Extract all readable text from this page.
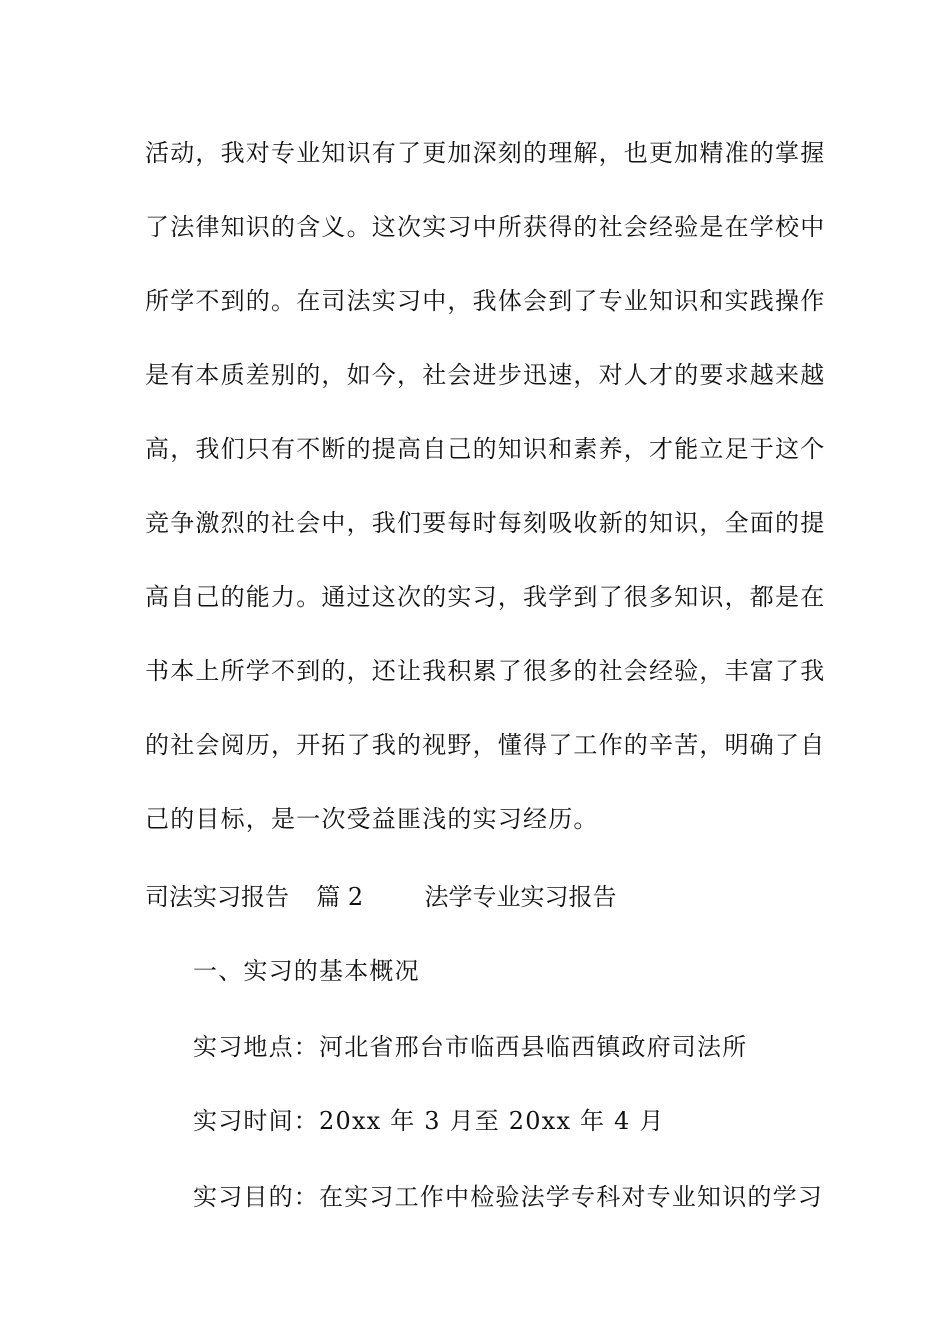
活动，我对专业知识有了更加深刻的理解，也更加精准的掌握
了法律知识的含义。这次实习中所获得的社会经验是在学校中
所学不到的。在司法实习中，我体会到了专业知识和实践操作
是有本质差别的，如今，社会进步迅速，对人才的要求越来越
高，我们只有不断的提高自己的知识和素养，才能立足于这个
竞争激烈的社会中，我们要每时每刻吸收新的知识，全面的提
高自己的能力。通过这次的实习，我学到了很多知识，都是在
书本上所学不到的，还让我积累了很多的社会经验，丰富了我
的社会阅历，开拓了我的视野，懂得了工作的辛苦，明确了自
己的目标，是一次受益匪浅的实习经历。
司法实习报告 篇 2	法学专业实习报告
一、实习的基本概况
实习地点：河北省邢台市临西县临西镇政府司法所
实习时间：20xx 年 3 月至 20xx 年 4 月
实习目的：在实习工作中检验法学专科对专业知识的学习
